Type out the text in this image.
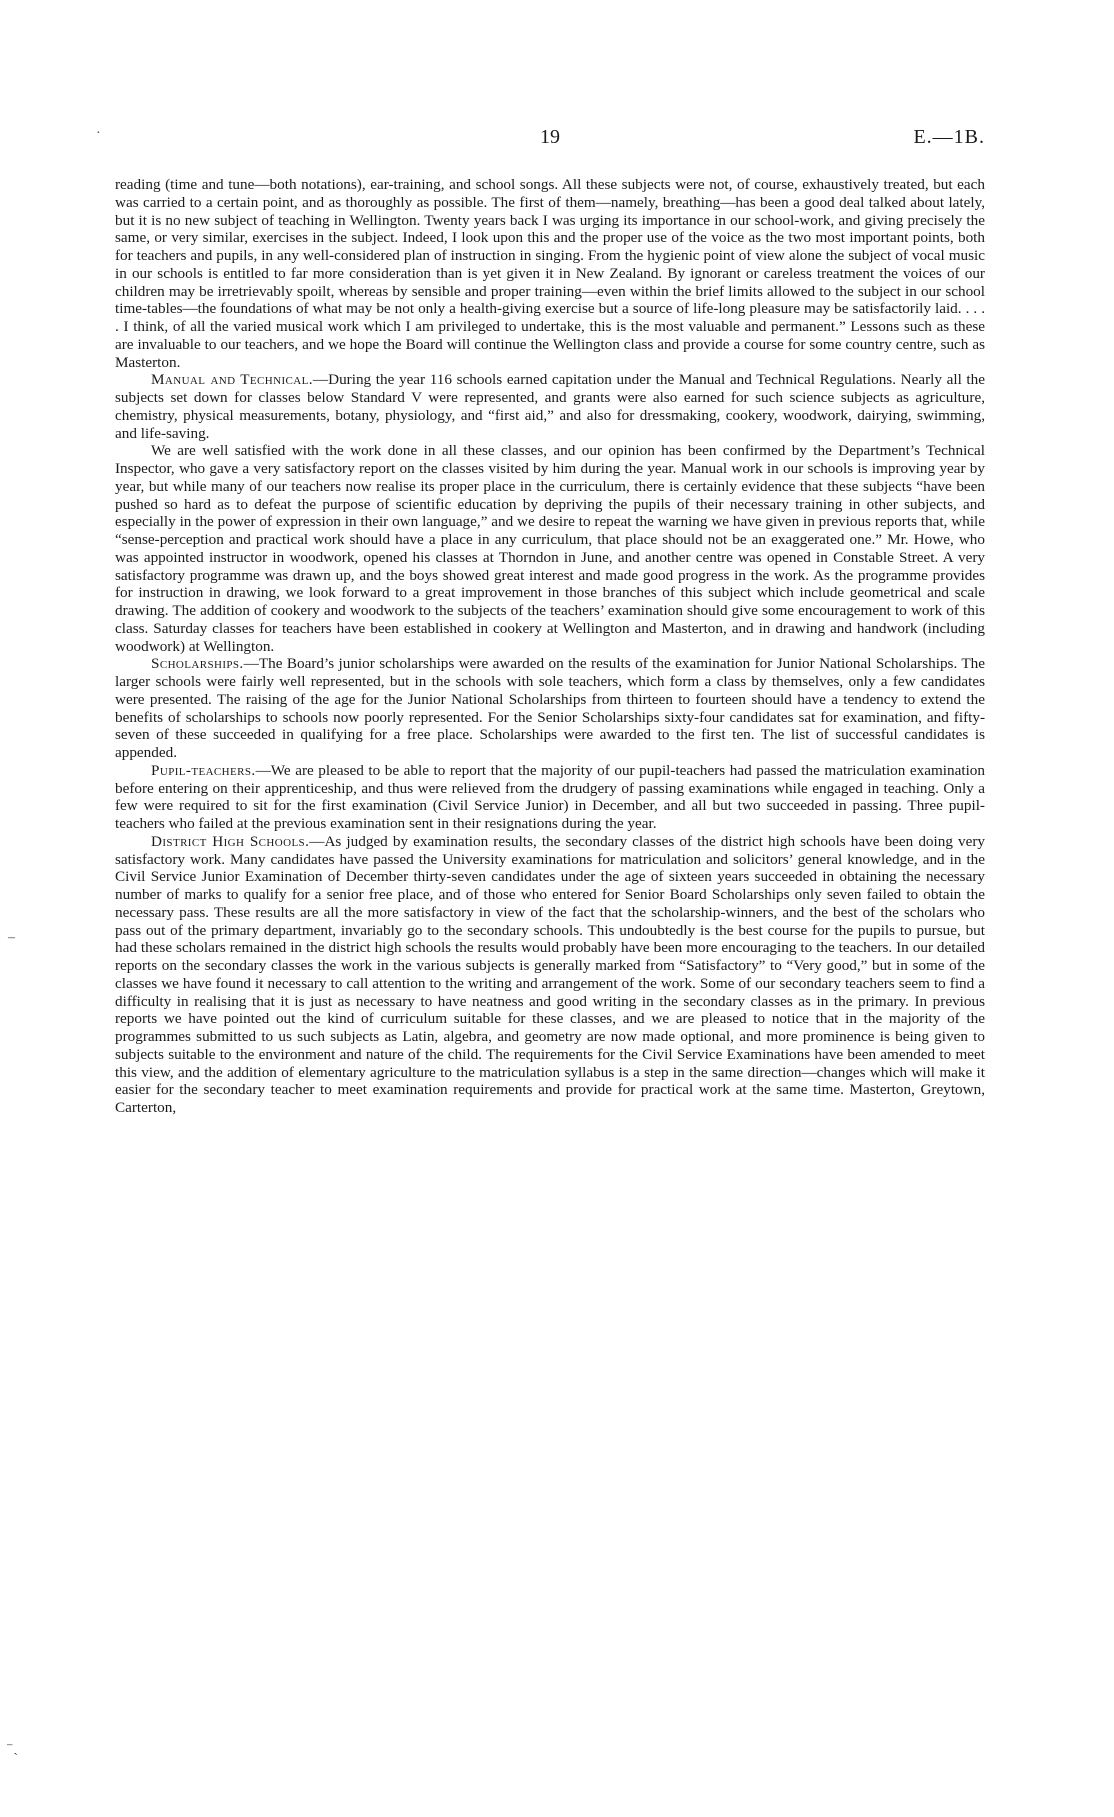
19	E.—1B.

reading (time and tune—both notations), ear-training, and school songs. All these subjects were not, of course, exhaustively treated, but each was carried to a certain point, and as thoroughly as possible. The first of them—namely, breathing—has been a good deal talked about lately, but it is no new subject of teaching in Wellington. Twenty years back I was urging its importance in our school-work, and giving precisely the same, or very similar, exercises in the subject. Indeed, I look upon this and the proper use of the voice as the two most important points, both for teachers and pupils, in any well-considered plan of instruction in singing. From the hygienic point of view alone the subject of vocal music in our schools is entitled to far more consideration than is yet given it in New Zealand. By ignorant or careless treatment the voices of our children may be irretrievably spoilt, whereas by sensible and proper training—even within the brief limits allowed to the subject in our school time-tables—the foundations of what may be not only a health-giving exercise but a source of life-long pleasure may be satisfactorily laid. . . . . I think, of all the varied musical work which I am privileged to undertake, this is the most valuable and permanent.” Lessons such as these are invaluable to our teachers, and we hope the Board will continue the Wellington class and provide a course for some country centre, such as Masterton.

Manual and Technical.—During the year 116 schools earned capitation under the Manual and Technical Regulations. Nearly all the subjects set down for classes below Standard V were represented, and grants were also earned for such science subjects as agriculture, chemistry, physical measurements, botany, physiology, and “first aid,” and also for dressmaking, cookery, woodwork, dairying, swimming, and life-saving.

We are well satisfied with the work done in all these classes, and our opinion has been confirmed by the Department’s Technical Inspector, who gave a very satisfactory report on the classes visited by him during the year. Manual work in our schools is improving year by year, but while many of our teachers now realise its proper place in the curriculum, there is certainly evidence that these subjects “have been pushed so hard as to defeat the purpose of scientific education by depriving the pupils of their necessary training in other subjects, and especially in the power of expression in their own language,” and we desire to repeat the warning we have given in previous reports that, while “sense-perception and practical work should have a place in any curriculum, that place should not be an exaggerated one.” Mr. Howe, who was appointed instructor in woodwork, opened his classes at Thorndon in June, and another centre was opened in Constable Street. A very satisfactory programme was drawn up, and the boys showed great interest and made good progress in the work. As the programme provides for instruction in drawing, we look forward to a great improvement in those branches of this subject which include geometrical and scale drawing. The addition of cookery and woodwork to the subjects of the teachers’ examination should give some encouragement to work of this class. Saturday classes for teachers have been established in cookery at Wellington and Masterton, and in drawing and handwork (including woodwork) at Wellington.

Scholarships.—The Board’s junior scholarships were awarded on the results of the examination for Junior National Scholarships. The larger schools were fairly well represented, but in the schools with sole teachers, which form a class by themselves, only a few candidates were presented. The raising of the age for the Junior National Scholarships from thirteen to fourteen should have a tendency to extend the benefits of scholarships to schools now poorly represented. For the Senior Scholarships sixty-four candidates sat for examination, and fifty-seven of these succeeded in qualifying for a free place. Scholarships were awarded to the first ten. The list of successful candidates is appended.

Pupil-teachers.—We are pleased to be able to report that the majority of our pupil-teachers had passed the matriculation examination before entering on their apprenticeship, and thus were relieved from the drudgery of passing examinations while engaged in teaching. Only a few were required to sit for the first examination (Civil Service Junior) in December, and all but two succeeded in passing. Three pupil-teachers who failed at the previous examination sent in their resignations during the year.

District High Schools.—As judged by examination results, the secondary classes of the district high schools have been doing very satisfactory work. Many candidates have passed the University examinations for matriculation and solicitors’ general knowledge, and in the Civil Service Junior Examination of December thirty-seven candidates under the age of sixteen years succeeded in obtaining the necessary number of marks to qualify for a senior free place, and of those who entered for Senior Board Scholarships only seven failed to obtain the necessary pass. These results are all the more satisfactory in view of the fact that the scholarship-winners, and the best of the scholars who pass out of the primary department, invariably go to the secondary schools. This undoubtedly is the best course for the pupils to pursue, but had these scholars remained in the district high schools the results would probably have been more encouraging to the teachers. In our detailed reports on the secondary classes the work in the various subjects is generally marked from “Satisfactory” to “Very good,” but in some of the classes we have found it necessary to call attention to the writing and arrangement of the work. Some of our secondary teachers seem to find a difficulty in realising that it is just as necessary to have neatness and good writing in the secondary classes as in the primary. In previous reports we have pointed out the kind of curriculum suitable for these classes, and we are pleased to notice that in the majority of the programmes submitted to us such subjects as Latin, algebra, and geometry are now made optional, and more prominence is being given to subjects suitable to the environment and nature of the child. The requirements for the Civil Service Examinations have been amended to meet this view, and the addition of elementary agriculture to the matriculation syllabus is a step in the same direction—changes which will make it easier for the secondary teacher to meet examination requirements and provide for practical work at the same time. Masterton, Greytown, Carterton,

·
–
⁻ˎ
